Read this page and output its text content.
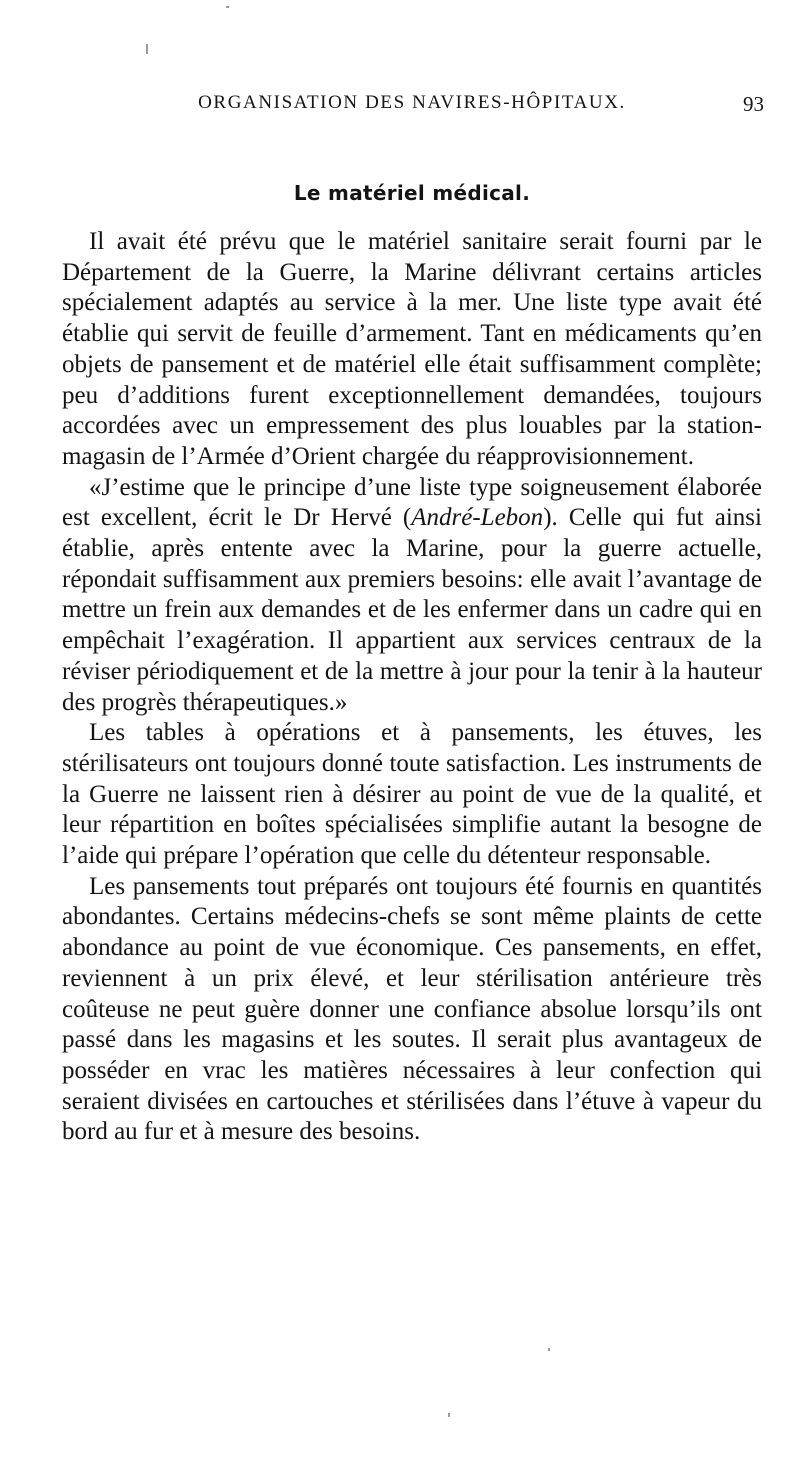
ORGANISATION DES NAVIRES-HÔPITAUX.	93
Le matériel médical.

Il avait été prévu que le matériel sanitaire serait fourni par le Département de la Guerre, la Marine délivrant certains articles spécialement adaptés au service à la mer. Une liste type avait été établie qui servit de feuille d’armement. Tant en médicaments qu’en objets de pansement et de matériel elle était suffisamment complète; peu d’additions furent exceptionnellement demandées, toujours accordées avec un empressement des plus louables par la station-magasin de l’Armée d’Orient chargée du réapprovisionnement.

«J’estime que le principe d’une liste type soigneusement élaborée est excellent, écrit le Dr Hervé (André-Lebon). Celle qui fut ainsi établie, après entente avec la Marine, pour la guerre actuelle, répondait suffisamment aux premiers besoins: elle avait l’avantage de mettre un frein aux demandes et de les enfermer dans un cadre qui en empêchait l’exagération. Il appartient aux services centraux de la réviser périodiquement et de la mettre à jour pour la tenir à la hauteur des progrès thérapeutiques.»

Les tables à opérations et à pansements, les étuves, les stérilisateurs ont toujours donné toute satisfaction. Les instruments de la Guerre ne laissent rien à désirer au point de vue de la qualité, et leur répartition en boîtes spécialisées simplifie autant la besogne de l’aide qui prépare l’opération que celle du détenteur responsable.

Les pansements tout préparés ont toujours été fournis en quantités abondantes. Certains médecins-chefs se sont même plaints de cette abondance au point de vue économique. Ces pansements, en effet, reviennent à un prix élevé, et leur stérilisation antérieure très coûteuse ne peut guère donner une confiance absolue lorsqu’ils ont passé dans les magasins et les soutes. Il serait plus avantageux de posséder en vrac les matières nécessaires à leur confection qui seraient divisées en cartouches et stérilisées dans l’étuve à vapeur du bord au fur et à mesure des besoins.
